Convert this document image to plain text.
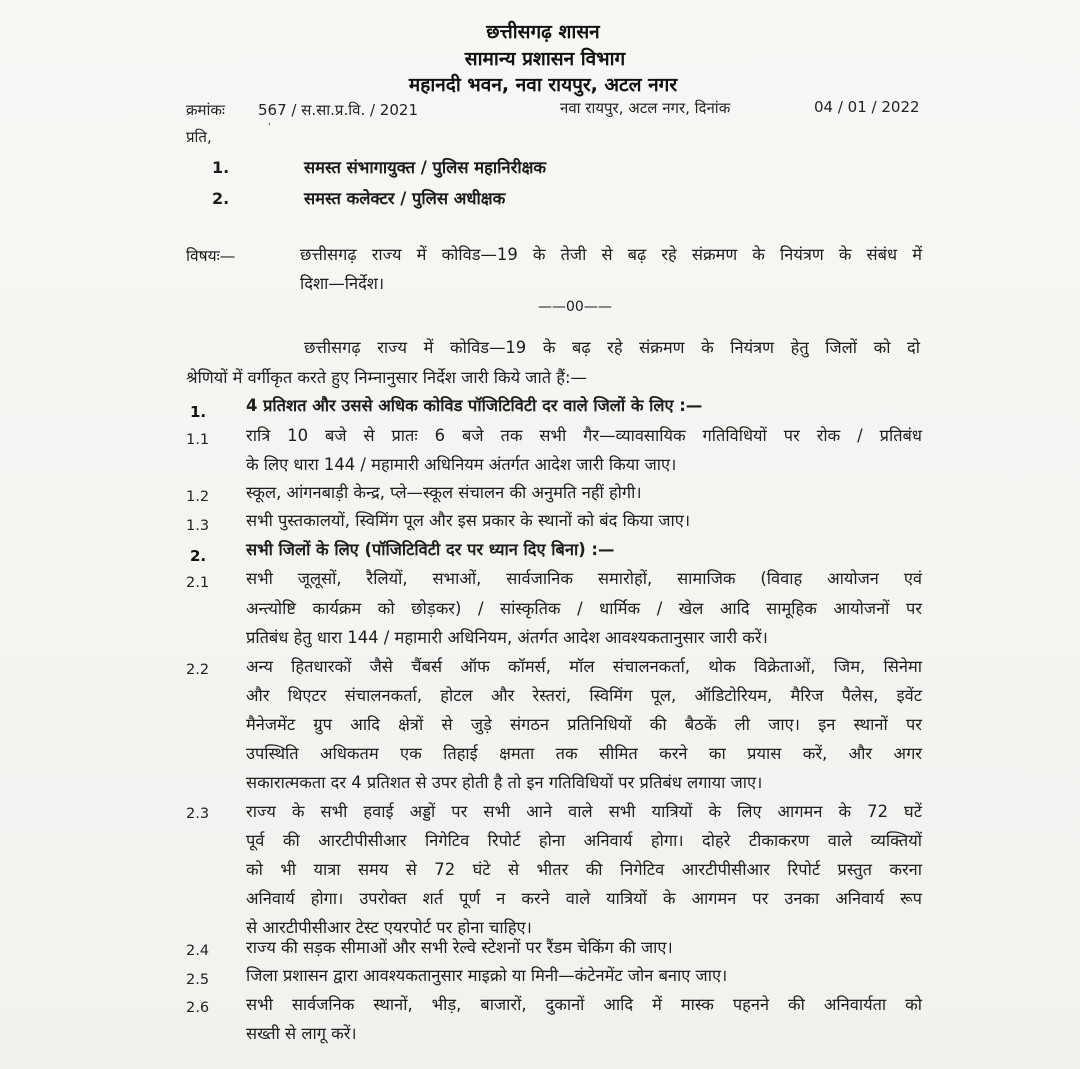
छत्तीसगढ़ शासन
सामान्य प्रशासन विभाग
महानदी भवन, नवा रायपुर, अटल नगर
क्रमांकः 567 / स.सा.प्र.वि. / 2021	नवा रायपुर, अटल नगर, दिनांक	04 / 01 / 2022
प्रति,
ʻ
1.	समस्त संभागायुक्त / पुलिस महानिरीक्षक
2.	समस्त कलेक्टर / पुलिस अधीक्षक
विषयः—	छत्तीसगढ़ राज्य में कोविड—19 के तेजी से बढ़ रहे संक्रमण के नियंत्रण के संबंध में
दिशा—निर्देश।
——00——
छत्तीसगढ़ राज्य में कोविड—19 के बढ़ रहे संक्रमण के नियंत्रण हेतु जिलों को दो
श्रेणियों में वर्गीकृत करते हुए निम्नानुसार निर्देश जारी किये जाते हैं:—
1. 4 प्रतिशत और उससे अधिक कोविड पॉजिटिविटी दर वाले जिलों के लिए :—
1.1 रात्रि 10 बजे से प्रातः 6 बजे तक सभी गैर—व्यावसायिक गतिविधियों पर रोक / प्रतिबंध
के लिए धारा 144 / महामारी अधिनियम अंतर्गत आदेश जारी किया जाए।
1.2 स्कूल, आंगनबाड़ी केन्द्र, प्ले—स्कूल संचालन की अनुमति नहीं होगी।
1.3 सभी पुस्तकालयों, स्विमिंग पूल और इस प्रकार के स्थानों को बंद किया जाए।
2. सभी जिलों के लिए (पॉजिटिविटी दर पर ध्यान दिए बिना) :—
2.1 सभी जूलूसों, रैलियों, सभाओं, सार्वजानिक समारोहों, सामाजिक (विवाह आयोजन एवं
अन्त्योष्टि कार्यक्रम को छोड़कर) / सांस्कृतिक / धार्मिक / खेल आदि सामूहिक आयोजनों पर
प्रतिबंध हेतु धारा 144 / महामारी अधिनियम, अंतर्गत आदेश आवश्यकतानुसार जारी करें।
2.2 अन्य हितधारकों जैसे चैंबर्स ऑफ कॉमर्स, मॉल संचालनकर्ता, थोक विक्रेताओं, जिम, सिनेमा
और थिएटर संचालनकर्ता, होटल और रेस्तरां, स्विमिंग पूल, ऑडिटोरियम, मैरिज पैलेस, इवेंट
मैनेजमेंट ग्रुप आदि क्षेत्रों से जुड़े संगठन प्रतिनिधियों की बैठकें ली जाए। इन स्थानों पर
उपस्थिति अधिकतम एक तिहाई क्षमता तक सीमित करने का प्रयास करें, और अगर
सकारात्मकता दर 4 प्रतिशत से उपर होती है तो इन गतिविधियों पर प्रतिबंध लगाया जाए।
2.3 राज्य के सभी हवाई अड्डों पर सभी आने वाले सभी यात्रियों के लिए आगमन के 72 घटें
पूर्व की आरटीपीसीआर निगेटिव रिपोर्ट होना अनिवार्य होगा। दोहरे टीकाकरण वाले व्यक्तियों
को भी यात्रा समय से 72 घंटे से भीतर की निगेटिव आरटीपीसीआर रिपोर्ट प्रस्तुत करना
अनिवार्य होगा। उपरोक्त शर्त पूर्ण न करने वाले यात्रियों के आगमन पर उनका अनिवार्य रूप
से आरटीपीसीआर टेस्ट एयरपोर्ट पर होना चाहिए।
2.4 राज्य की सड़क सीमाओं और सभी रेल्वे स्टेशनों पर रैंडम चेकिंग की जाए।
2.5 जिला प्रशासन द्वारा आवश्यकतानुसार माइक्रो या मिनी—कंटेनमेंट जोन बनाए जाए।
2.6 सभी सार्वजनिक स्थानों, भीड़, बाजारों, दुकानों आदि में मास्क पहनने की अनिवार्यता को
सख्ती से लागू करें।
